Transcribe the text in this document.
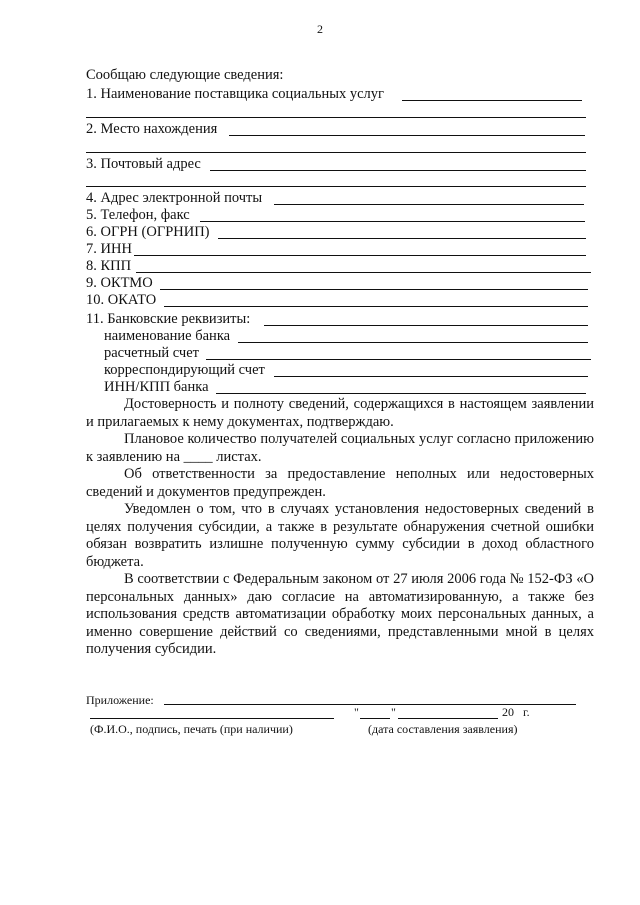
2
Сообщаю следующие сведения:
1. Наименование поставщика социальных услуг
2. Место нахождения
3. Почтовый адрес
4. Адрес электронной почты
5. Телефон, факс
6. ОГРН (ОГРНИП)
7. ИНН
8. КПП
9. ОКТМО
10. ОКАТО
11. Банковские реквизиты:
наименование банка
расчетный счет
корреспондирующий счет
ИНН/КПП банка
Достоверность и полноту сведений, содержащихся в настоящем заявлении и прилагаемых к нему документах, подтверждаю.
Плановое количество получателей социальных услуг согласно приложению к заявлению на ____ листах.
Об ответственности за предоставление неполных или недостоверных сведений и документов предупрежден.
Уведомлен о том, что в случаях установления недостоверных сведений в целях получения субсидии, а также в результате обнаружения счетной ошибки обязан возвратить излишне полученную сумму субсидии в доход областного бюджета.
В соответствии с Федеральным законом от 27 июля 2006 года № 152-ФЗ «О персональных данных» даю согласие на автоматизированную, а также без использования средств автоматизации обработку моих персональных данных, а именно совершение действий со сведениями, представленными мной в целях получения субсидии.
Приложение:
"	"	20   г.
(Ф.И.О., подпись, печать (при наличии)	(дата составления заявления)
